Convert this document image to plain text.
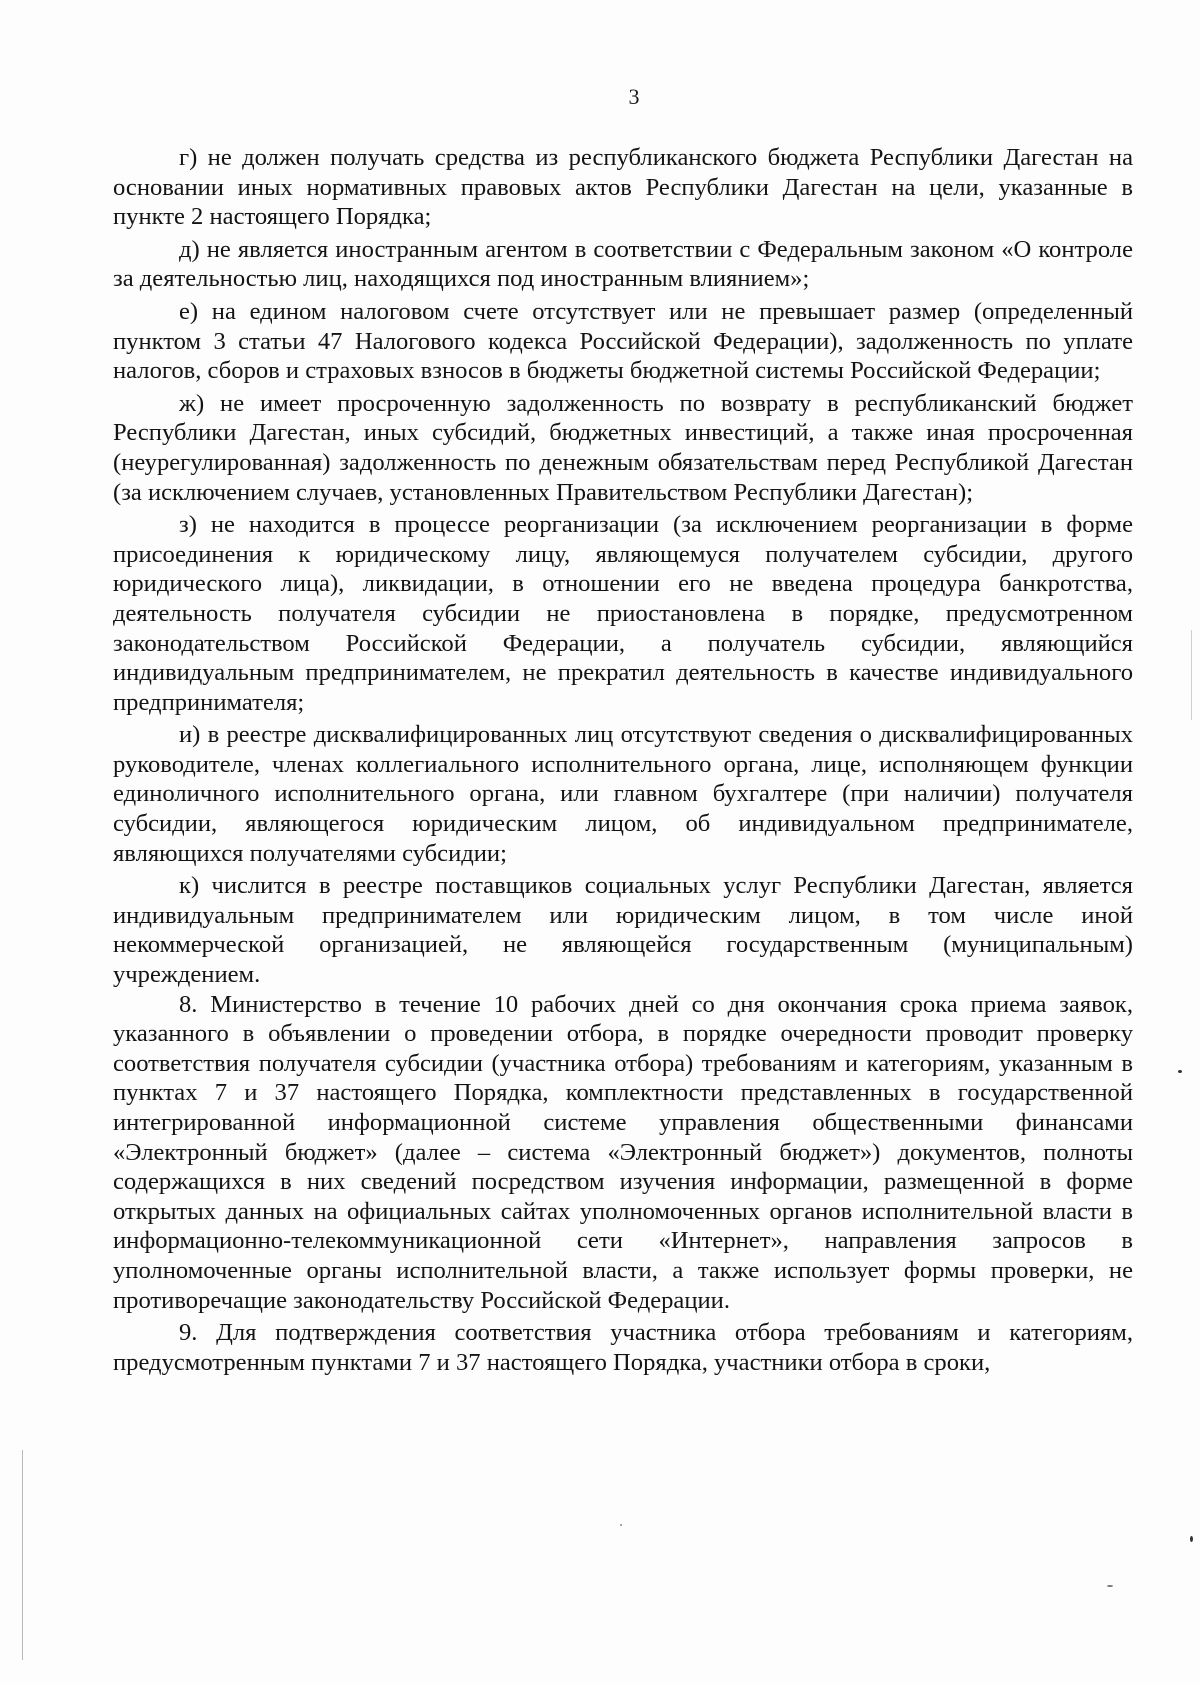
3

г) не должен получать средства из республиканского бюджета Республики Дагестан на основании иных нормативных правовых актов Республики Дагестан на цели, указанные в пункте 2 настоящего Порядка;

д) не является иностранным агентом в соответствии с Федеральным законом «О контроле за деятельностью лиц, находящихся под иностранным влиянием»;

е) на едином налоговом счете отсутствует или не превышает размер (определенный пунктом 3 статьи 47 Налогового кодекса Российской Федерации), задолженность по уплате налогов, сборов и страховых взносов в бюджеты бюджетной системы Российской Федерации;

ж) не имеет просроченную задолженность по возврату в республиканский бюджет Республики Дагестан, иных субсидий, бюджетных инвестиций, а также иная просроченная (неурегулированная) задолженность по денежным обязательствам перед Республикой Дагестан (за исключением случаев, установленных Правительством Республики Дагестан);

з) не находится в процессе реорганизации (за исключением реорганизации в форме присоединения к юридическому лицу, являющемуся получателем субсидии, другого юридического лица), ликвидации, в отношении его не введена процедура банкротства, деятельность получателя субсидии не приостановлена в порядке, предусмотренном законодательством Российской Федерации, а получатель субсидии, являющийся индивидуальным предпринимателем, не прекратил деятельность в качестве индивидуального предпринимателя;

и) в реестре дисквалифицированных лиц отсутствуют сведения о дисквалифицированных руководителе, членах коллегиального исполнительного органа, лице, исполняющем функции единоличного исполнительного органа, или главном бухгалтере (при наличии) получателя субсидии, являющегося юридическим лицом, об индивидуальном предпринимателе, являющихся получателями субсидии;

к) числится в реестре поставщиков социальных услуг Республики Дагестан, является индивидуальным предпринимателем или юридическим лицом, в том числе иной некоммерческой организацией, не являющейся государственным (муниципальным) учреждением.

8. Министерство в течение 10 рабочих дней со дня окончания срока приема заявок, указанного в объявлении о проведении отбора, в порядке очередности проводит проверку соответствия получателя субсидии (участника отбора) требованиям и категориям, указанным в пунктах 7 и 37 настоящего Порядка, комплектности представленных в государственной интегрированной информационной системе управления общественными финансами «Электронный бюджет» (далее – система «Электронный бюджет») документов, полноты содержащихся в них сведений посредством изучения информации, размещенной в форме открытых данных на официальных сайтах уполномоченных органов исполнительной власти в информационно-телекоммуникационной сети «Интернет», направления запросов в уполномоченные органы исполнительной власти, а также использует формы проверки, не противоречащие законодательству Российской Федерации.

9. Для подтверждения соответствия участника отбора требованиям и категориям, предусмотренным пунктами 7 и 37 настоящего Порядка, участники отбора в сроки,
